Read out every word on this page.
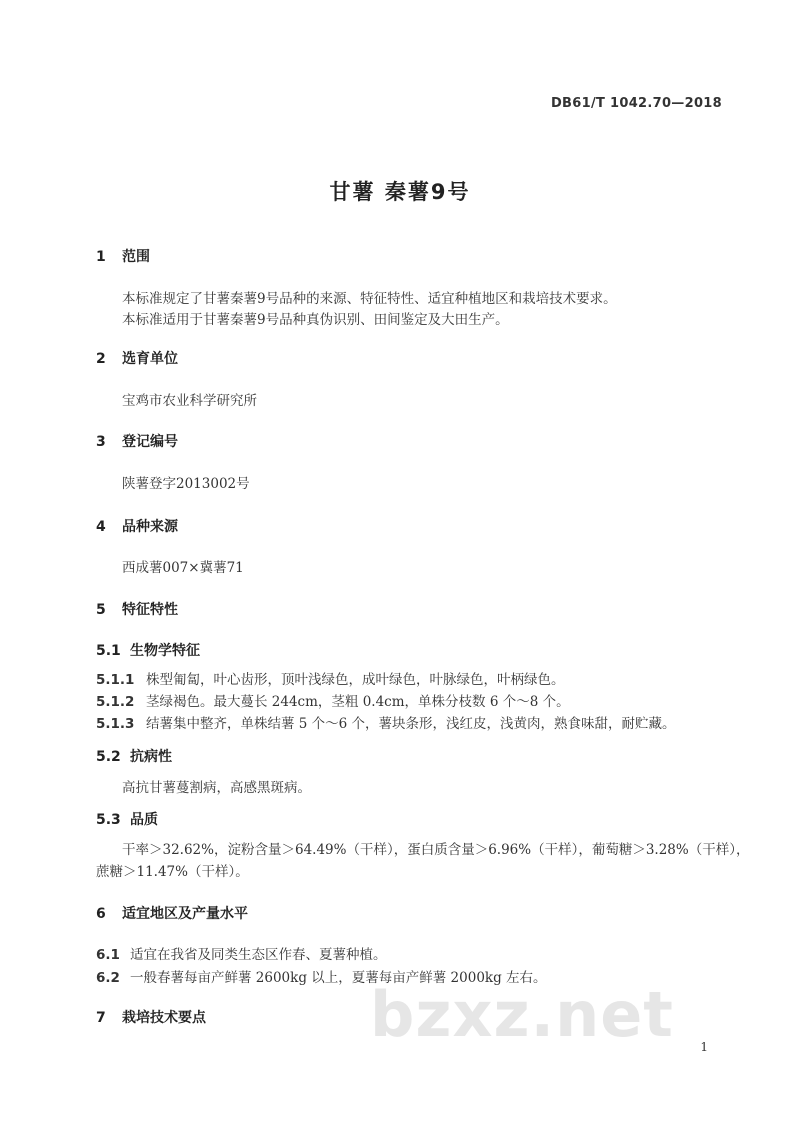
DB61/T 1042.70—2018
甘薯 秦薯9号
1 范围
本标准规定了甘薯秦薯9号品种的来源、特征特性、适宜种植地区和栽培技术要求。
本标准适用于甘薯秦薯9号品种真伪识别、田间鉴定及大田生产。
2 选育单位
宝鸡市农业科学研究所
3 登记编号
陕薯登字2013002号
4 品种来源
西成薯007×冀薯71
5 特征特性
5.1 生物学特征
5.1.1 株型匍匐，叶心齿形，顶叶浅绿色，成叶绿色，叶脉绿色，叶柄绿色。
5.1.2 茎绿褐色。最大蔓长 244cm，茎粗 0.4cm，单株分枝数 6 个～8 个。
5.1.3 结薯集中整齐，单株结薯 5 个～6 个，薯块条形，浅红皮，浅黄肉，熟食味甜，耐贮藏。
5.2 抗病性
高抗甘薯蔓割病，高感黑斑病。
5.3 品质
干率＞32.62%，淀粉含量＞64.49%（干样），蛋白质含量＞6.96%（干样），葡萄糖＞3.28%（干样），
蔗糖＞11.47%（干样）。
6 适宜地区及产量水平
6.1 适宜在我省及同类生态区作春、夏薯种植。
6.2 一般春薯每亩产鲜薯 2600kg 以上，夏薯每亩产鲜薯 2000kg 左右。
7 栽培技术要点	bzxz.net 1
